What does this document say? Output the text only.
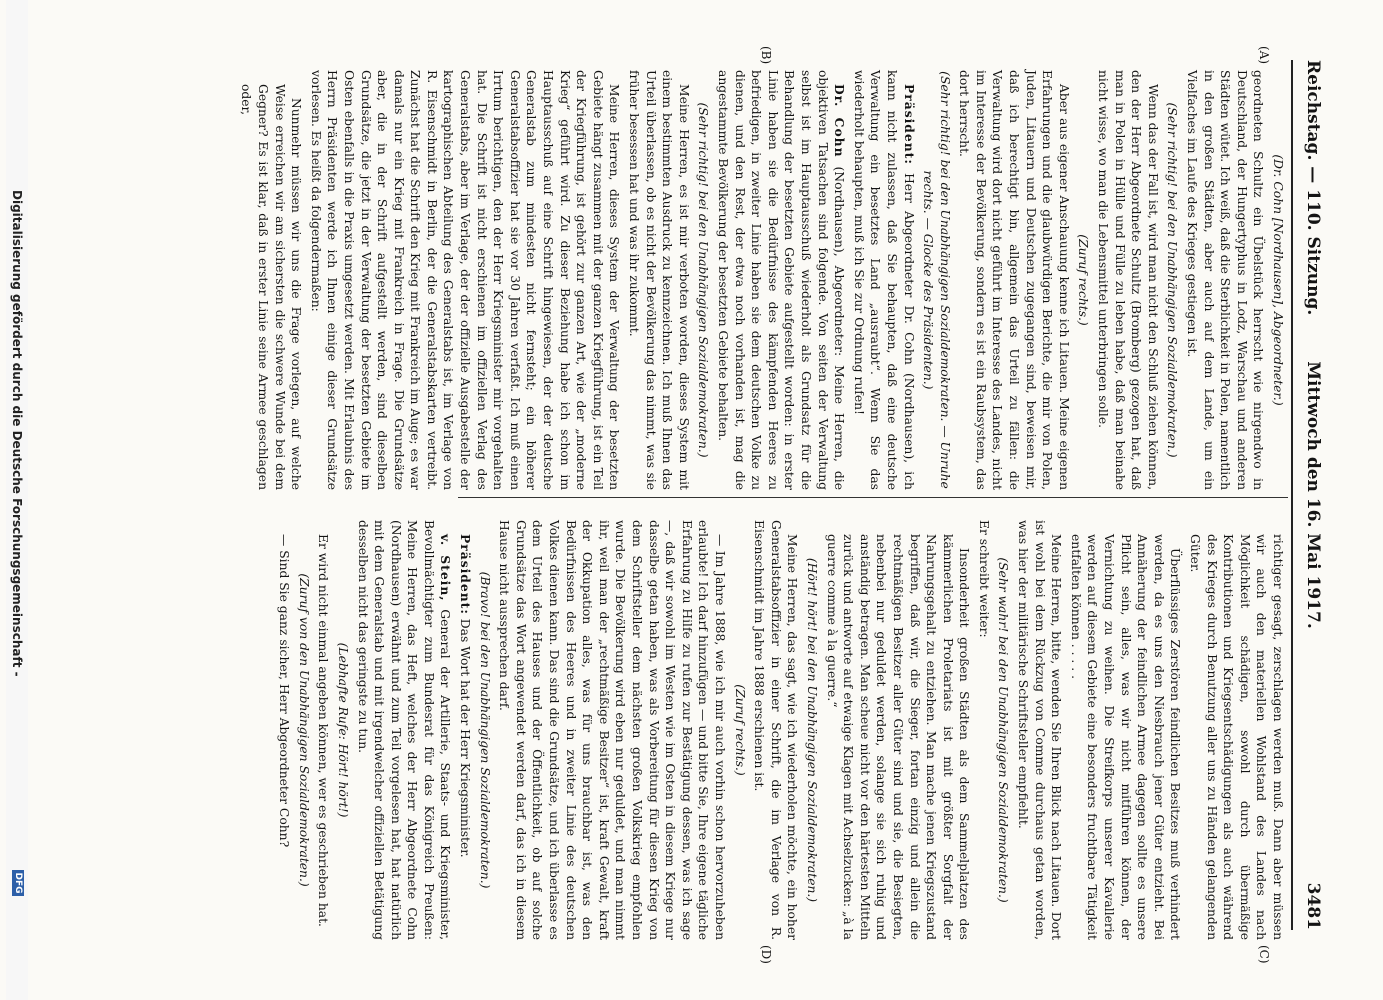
Reichstag. — 110. Sitzung.
Mittwoch den 16. Mai 1917.
3481
(A)
(B)
(C)
(D)

(Dr. Cohn [Nordhausen], Abgeordneter.)

geordneten Schultz ein Übelstück herrscht wie nirgendwo in Deutschland, der Hungertyphus in Lodz, Warschau und anderen Städten wütet. Ich weiß, daß die Sterblichkeit in Polen, namentlich in den großen Städten, aber auch auf dem Lande, um ein Vielfaches im Laufe des Krieges gestiegen ist.

(Sehr richtig! bei den Unabhängigen Sozialdemokraten.)

Wenn das der Fall ist, wird man nicht den Schluß ziehen können, den der Herr Abgeordnete Schultz (Bromberg) gezogen hat, daß man in Polen in Hülle und Fülle zu leben habe, daß man beinahe nicht wisse, wo man die Lebensmittel unterbringen solle.

(Zuruf rechts.)

Aber aus eigener Anschauung kenne ich Litauen. Meine eigenen Erfahrungen und die glaubwürdigen Berichte, die mir von Polen, Juden, Litauern und Deutschen zugegangen sind, beweisen mir, daß ich berechtigt bin, allgemein das Urteil zu fällen: die Verwaltung wird dort nicht geführt im Interesse des Landes, nicht im Interesse der Bevölkerung, sondern es ist ein Raubsystem, das dort herrscht.

(Sehr richtig! bei den Unabhängigen Sozialdemokraten. — Unruhe rechts. — Glocke des Präsidenten.)

Präsident: Herr Abgeordneter Dr. Cohn (Nordhausen), ich kann nicht zulassen, daß Sie behaupten, daß eine deutsche Verwaltung ein besetztes Land „ausraubt“. Wenn Sie das wiederholt behaupten, muß ich Sie zur Ordnung rufen!

Dr. Cohn (Nordhausen), Abgeordneter: Meine Herren, die objektiven Tatsachen sind folgende. Von seiten der Verwaltung selbst ist im Hauptausschuß wiederholt als Grundsatz für die Behandlung der besetzten Gebiete aufgestellt worden: in erster Linie haben sie die Bedürfnisse des kämpfenden Heeres zu befriedigen, in zweiter Linie haben sie dem deutschen Volke zu dienen, und den Rest, der etwa noch vorhanden ist, mag die angestammte Bevölkerung der besetzten Gebiete behalten.

(Sehr richtig! bei den Unabhängigen Sozialdemokraten.)

Meine Herren, es ist mir verboten worden, dieses System mit einem bestimmten Ausdruck zu kennzeichnen. Ich muß Ihnen das Urteil überlassen, ob es nicht der Bevölkerung das nimmt, was sie früher besessen hat und was ihr zukommt.

Meine Herren, dieses System der Verwaltung der besetzten Gebiete hängt zusammen mit der ganzen Kriegführung, ist ein Teil der Kriegführung, ist gehört zur ganzen Art, wie der „moderne Krieg“ geführt wird. Zu dieser Beziehung habe ich schon im Hauptausschuß auf eine Schrift hingewiesen, der der deutsche Generalstab zum mindesten nicht fernsteht; ein höherer Generalstabsoffizier hat sie vor 30 Jahren verfaßt. Ich muß einen Irrtum berichtigen, den der Herr Kriegsminister mir vorgehalten hat. Die Schrift ist nicht erschienen im offiziellen Verlag des Generalstabs, aber im Verlage, der der offizielle Ausgabestelle der kartographischen Abteilung des Generalstabs ist, im Verlage von R. Eisenschmidt in Berlin, der die Generalstabskarten vertreibt. Zunächst hat die Schrift den Krieg mit Frankreich im Auge; es war damals nur ein Krieg mit Frankreich in Frage. Die Grundsätze aber, die in der Schrift aufgestellt werden, sind dieselben Grundsätze, die jetzt in der Verwaltung der besetzten Gebiete im Osten ebenfalls in die Praxis umgesetzt werden. Mit Erlaubnis des Herrn Präsidenten werde ich Ihnen einige dieser Grundsätze vorlesen. Es heißt da folgendermaßen:

Nunmehr müssen wir uns die Frage vorlegen, auf welche Weise erreichen wir am sichersten die schwere Wunde bei dem Gegner? Es ist klar, daß in erster Linie seine Armee geschlagen oder,

richtiger gesagt, zerschlagen werden muß. Dann aber müssen wir auch den materiellen Wohlstand des Landes nach Möglichkeit schädigen, sowohl durch übermäßige Kontributionen und Kriegsentschädigungen als auch während des Krieges durch Benutzung aller uns zu Händen gelangenden Güter.

Überflüssiges Zerstören feindlichen Besitzes muß verhindert werden, da es uns den Niesbrauch jener Güter entzieht. Bei Annäherung der feindlichen Armee dagegen sollte es unsere Pflicht sein, alles, was wir nicht mitführen können, der Vernichtung zu weihen. Die Streifkorps unserer Kavallerie werden auf diesem Gebiete eine besonders fruchtbare Tätigkeit entfalten können . . . . .

Meine Herren, bitte, wenden Sie Ihren Blick nach Litauen. Dort ist wohl bei dem Rückzug von Comme durchaus getan worden, was hier der militärische Schriftsteller empfiehlt.

(Sehr wahr! bei den Unabhängigen Sozialdemokraten.)

Er schreibt weiter:

Insonderheit großen Städten als dem Sammelplatzen des kämmerlichen Proletariats ist mit größter Sorgfalt der Nahrungsgehalt zu entziehen. Man mache jenen Kriegszustand begriffen, daß wir, die Sieger, fortan einzig und allein die rechtmäßigen Besitzer aller Güter sind und sie, die Besiegten, nebenbei nur geduldet werden, solange sie sich ruhig und anständig betragen. Man scheue nicht vor den härtesten Mitteln zurück und antworte auf etwaige Klagen mit Achselzucken: „à la guerre comme à la guerre.“

(Hört! hört! bei den Unabhängigen Sozialdemokraten.)

Meine Herren, das sagt, wie ich wiederholen möchte, ein hoher Generalstabsoffizier in einer Schrift, die im Verlage von R. Eisenschmidt im Jahre 1888 erschienen ist.

(Zuruf rechts.)

— Im Jahre 1888, wie ich mir auch vorhin schon hervorzuheben erlaubte! Ich darf hinzufügen — und bitte Sie, Ihre eigene tägliche Erfahrung zu Hilfe zu rufen zur Bestätigung dessen, was ich sage —, daß wir sowohl im Westen wie im Osten in diesem Kriege nur dasselbe getan haben, was als Vorbereitung für diesen Krieg von dem Schriftsteller dem nächsten großen Volkskrieg empfohlen wurde. Die Bevölkerung wird eben nur geduldet, und man nimmt ihr, weil man der „rechtmäßige Besitzer“ ist, kraft Gewalt, kraft der Okkupation alles, was für uns brauchbar ist, was den Bedürfnissen des Heeres und in zweiter Linie des deutschen Volkes dienen kann. Das sind die Grundsätze, und ich überlasse es dem Urteil des Hauses und der Öffentlichkeit, ob auf solche Grundsätze das Wort angewendet werden darf, das ich in diesem Hause nicht aussprechen darf.

(Bravo! bei den Unabhängigen Sozialdemokraten.)

Präsident: Das Wort hat der Herr Kriegsminister.

v. Stein, General der Artillerie, Staats- und Kriegsminister, Bevollmächtigter zum Bundesrat für das Königreich Preußen: Meine Herren, das Heft, welches der Herr Abgeordnete Cohn (Nordhausen) erwähnt und zum Teil vorgelesen hat, hat natürlich mit dem Generalstab und mit irgendwelcher offiziellen Betätigung desselben nicht das geringste zu tun.

(Lebhafte Rufe: Hört! hört!)

Er wird nicht einmal angeben können, wer es geschrieben hat.

(Zuruf von den Unabhängigen Sozialdemokraten.)

— Sind Sie ganz sicher, Herr Abgeordneter Cohn?

Digitalisierung gefördert durch die Deutsche Forschungsgemeinschaft -
DFG
